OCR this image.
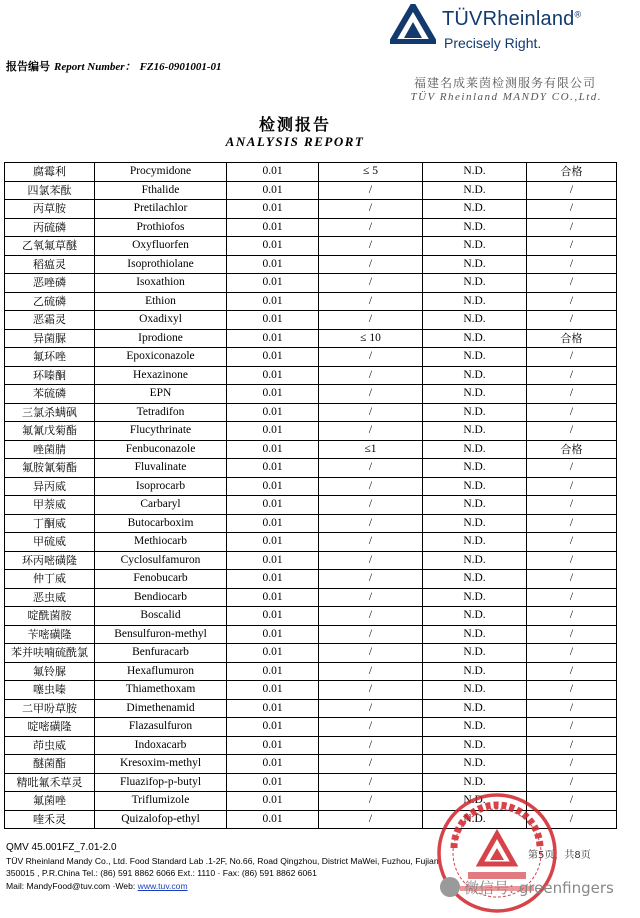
TÜVRheinland®
Precisely Right.
报告编号 Report Number： FZ16-0901001-01
福建名成莱茵检测服务有限公司
TÜV Rheinland MANDY CO.,Ltd.
检测报告
ANALYSIS REPORT
腐霉利	Procymidone	0.01	≤ 5	N.D.	合格
四氯苯酞	Fthalide	0.01	/	N.D.	/
丙草胺	Pretilachlor	0.01	/	N.D.	/
丙硫磷	Prothiofos	0.01	/	N.D.	/
乙氧氟草醚	Oxyfluorfen	0.01	/	N.D.	/
稻瘟灵	Isoprothiolane	0.01	/	N.D.	/
恶唑磷	Isoxathion	0.01	/	N.D.	/
乙硫磷	Ethion	0.01	/	N.D.	/
恶霜灵	Oxadixyl	0.01	/	N.D.	/
异菌脲	Iprodione	0.01	≤ 10	N.D.	合格
氟环唑	Epoxiconazole	0.01	/	N.D.	/
环嗪酮	Hexazinone	0.01	/	N.D.	/
苯硫磷	EPN	0.01	/	N.D.	/
三氯杀螨砜	Tetradifon	0.01	/	N.D.	/
氟氰戊菊酯	Flucythrinate	0.01	/	N.D.	/
唑菌腈	Fenbuconazole	0.01	≤1	N.D.	合格
氟胺氰菊酯	Fluvalinate	0.01	/	N.D.	/
异丙威	Isoprocarb	0.01	/	N.D.	/
甲萘威	Carbaryl	0.01	/	N.D.	/
丁酮威	Butocarboxim	0.01	/	N.D.	/
甲硫威	Methiocarb	0.01	/	N.D.	/
环丙嘧磺隆	Cyclosulfamuron	0.01	/	N.D.	/
仲丁威	Fenobucarb	0.01	/	N.D.	/
恶虫威	Bendiocarb	0.01	/	N.D.	/
啶酰菌胺	Boscalid	0.01	/	N.D.	/
苄嘧磺隆	Bensulfuron-methyl	0.01	/	N.D.	/
苯并呋喃硫酰氯	Benfuracarb	0.01	/	N.D.	/
氟铃脲	Hexaflumuron	0.01	/	N.D.	/
噻虫嗪	Thiamethoxam	0.01	/	N.D.	/
二甲吩草胺	Dimethenamid	0.01	/	N.D.	/
啶嘧磺隆	Flazasulfuron	0.01	/	N.D.	/
茚虫威	Indoxacarb	0.01	/	N.D.	/
醚菌酯	Kresoxim-methyl	0.01	/	N.D.	/
精吡氟禾草灵	Fluazifop-p-butyl	0.01	/	N.D.	/
氟菌唑	Triflumizole	0.01	/	N.D.	/
喹禾灵	Quizalofop-ethyl	0.01	/	N.D.	/
QMV 45.001FZ_7.01-2.0
TÜV Rheinland Mandy Co., Ltd. Food Standard Lab .1-2F, No.66, Road Qingzhou, District MaWei, Fuzhou, Fujian
350015 , P.R.China Tel.: (86) 591 8862 6066 Ext.: 1110 · Fax: (86) 591 8862 6061
Mail: MandyFood@tuv.com ·Web: www.tuv.com
第5页，共8页
微信号: greenfingers
